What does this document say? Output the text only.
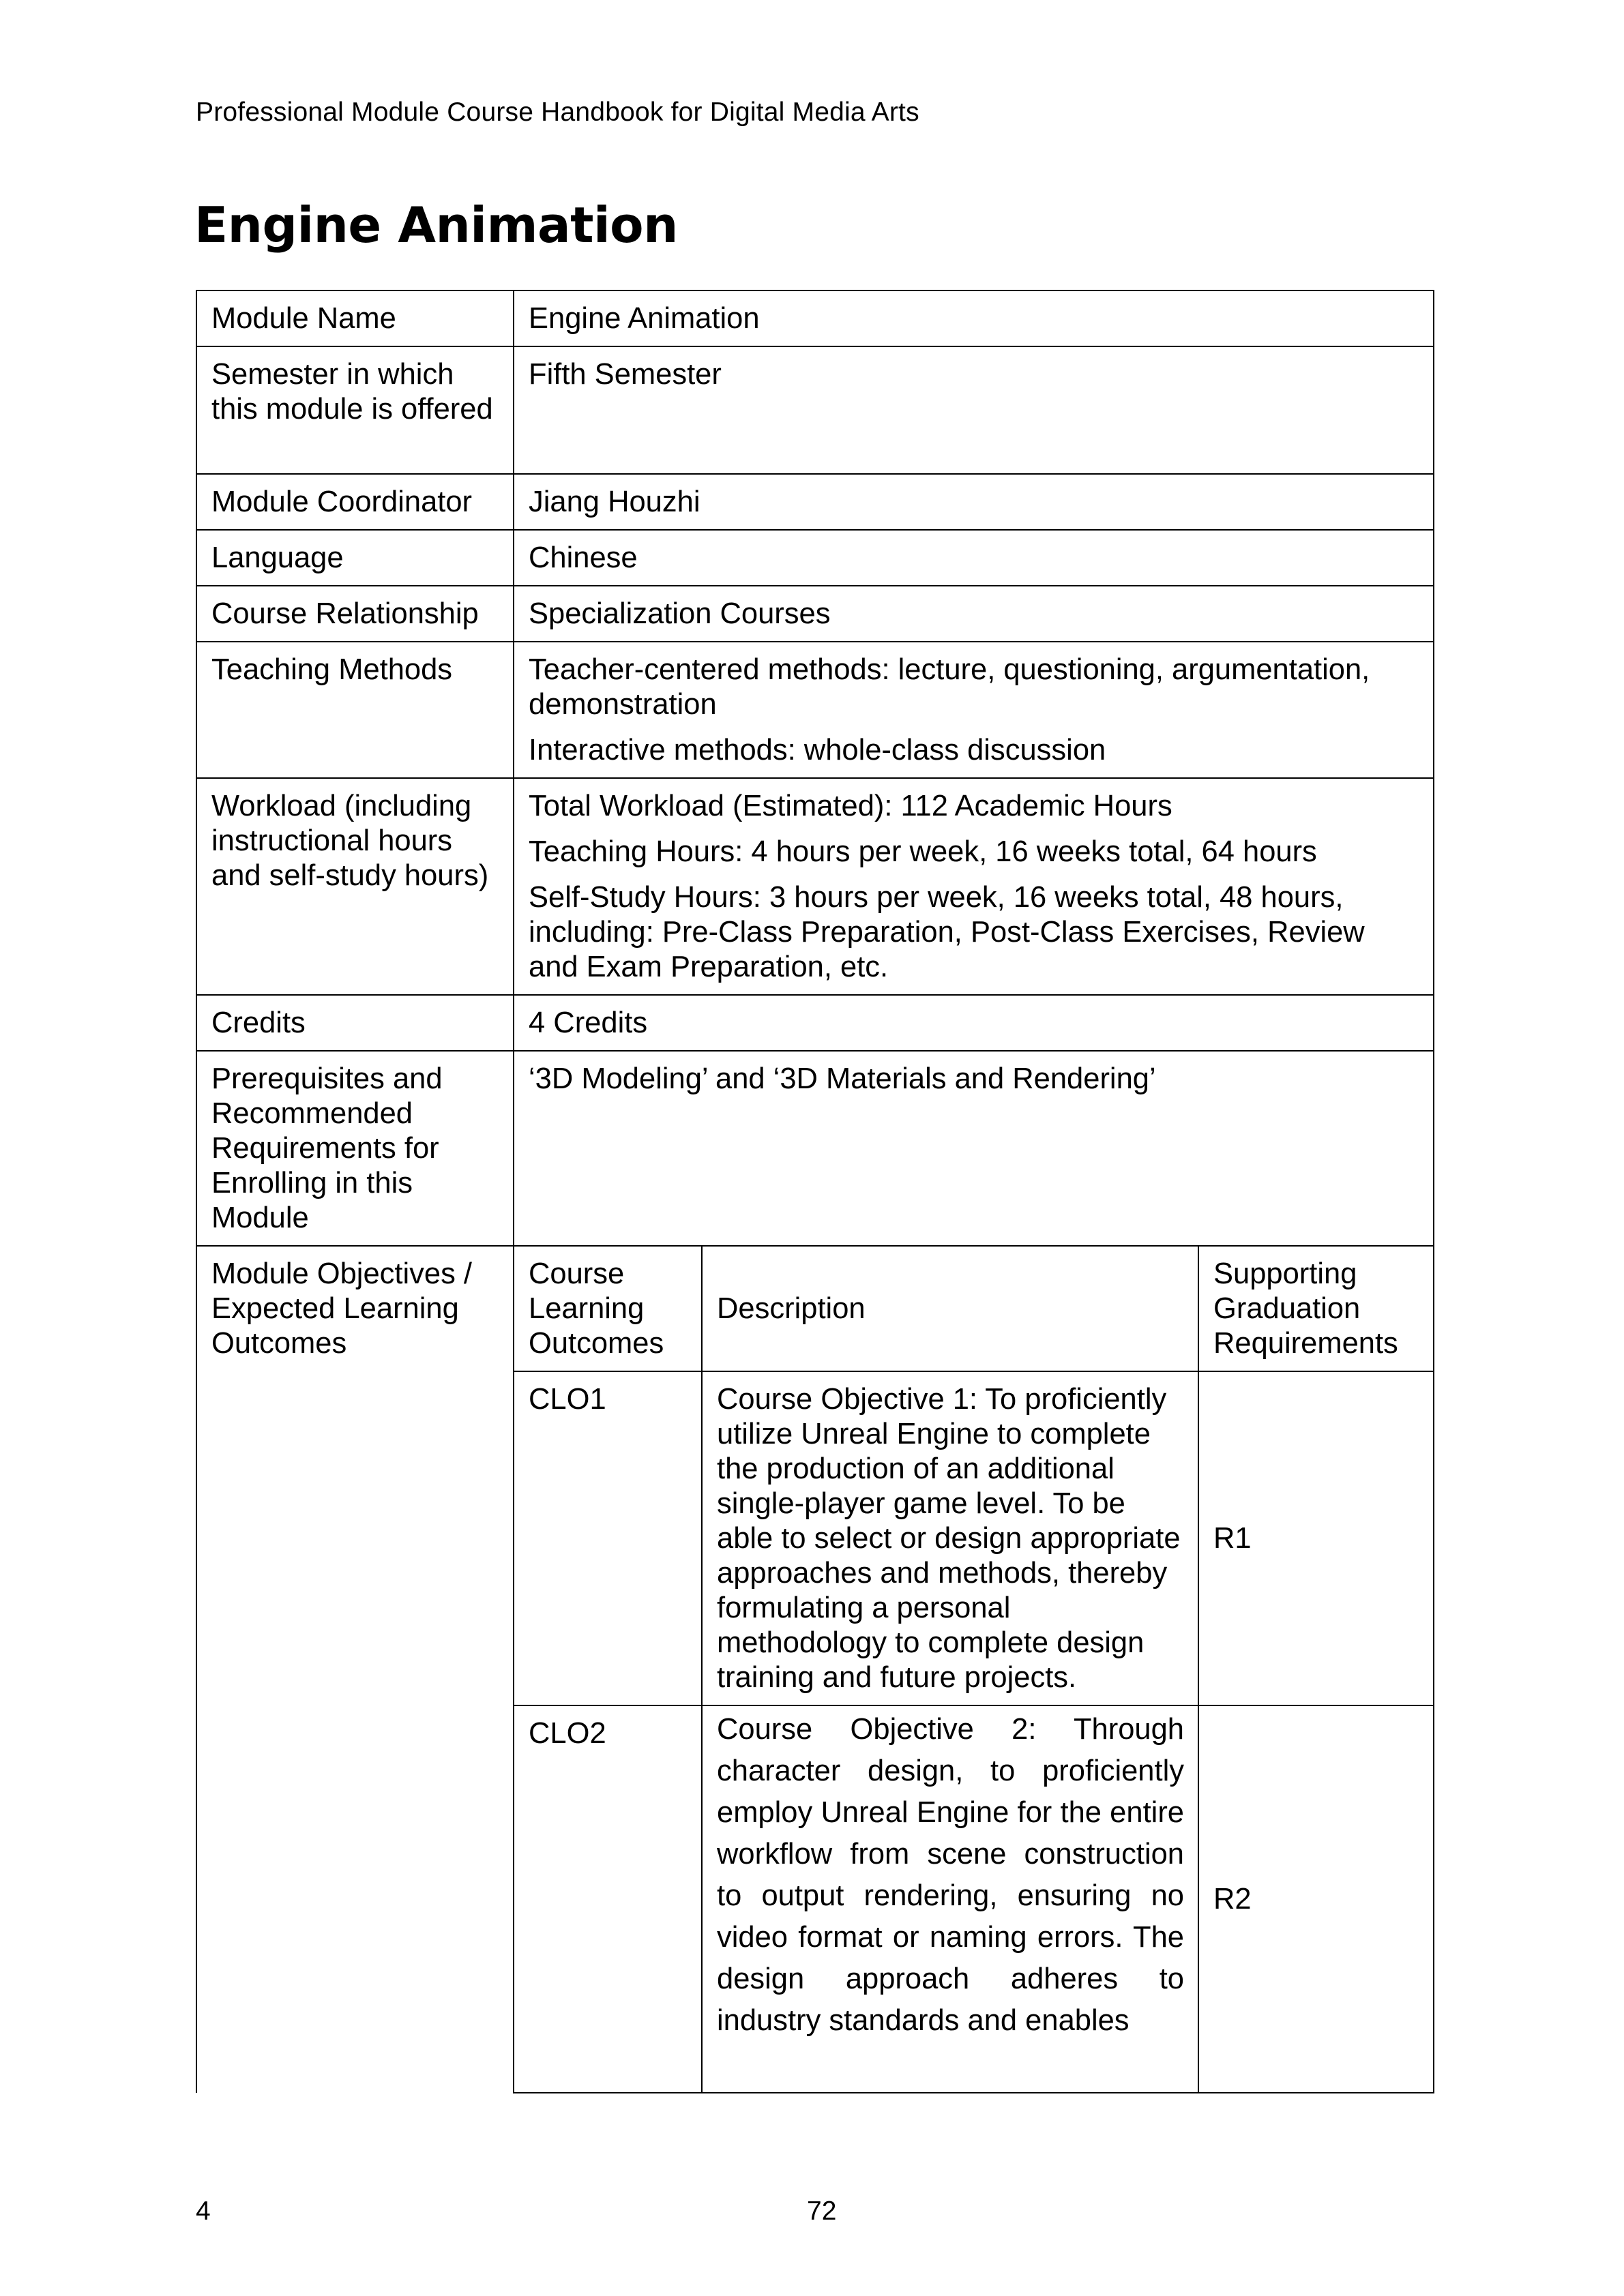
Professional Module Course Handbook for Digital Media Arts
Engine Animation
Module Name	Engine Animation		
Semester in which this module is offered	Fifth Semester		
Module Coordinator	Jiang Houzhi		
Language	Chinese		
Course Relationship	Specialization Courses		
Teaching Methods	Teacher-centered methods: lecture, questioning, argumentation, demonstration
Interactive methods: whole-class discussion		

Workload (including instructional hours and self-study hours)	Total Workload (Estimated): 112 Academic Hours
Teaching Hours: 4 hours per week, 16 weeks total, 64 hours
Self-Study Hours: 3 hours per week, 16 weeks total, 48 hours, including: Pre-Class Preparation, Post-Class Exercises, Review and Exam Preparation, etc.		

Credits	4 Credits		
Prerequisites and Recommended Requirements for Enrolling in this Module	‘3D Modeling’ and ‘3D Materials and Rendering’		
Module Objectives / Expected Learning Outcomes	Course Learning Outcomes	Description	Supporting Graduation Requirements
	CLO1	Course Objective 1: To proficiently utilize Unreal Engine to complete the production of an additional single-player game level. To be able to select or design appropriate approaches and methods, thereby formulating a personal methodology to complete design training and future projects.	R1
	CLO2	Course Objective 2: Through character design, to proficiently employ Unreal Engine for the entire workflow from scene construction to output rendering, ensuring no video format or naming errors. The design approach adheres to industry standards and enables	R2
4	72
